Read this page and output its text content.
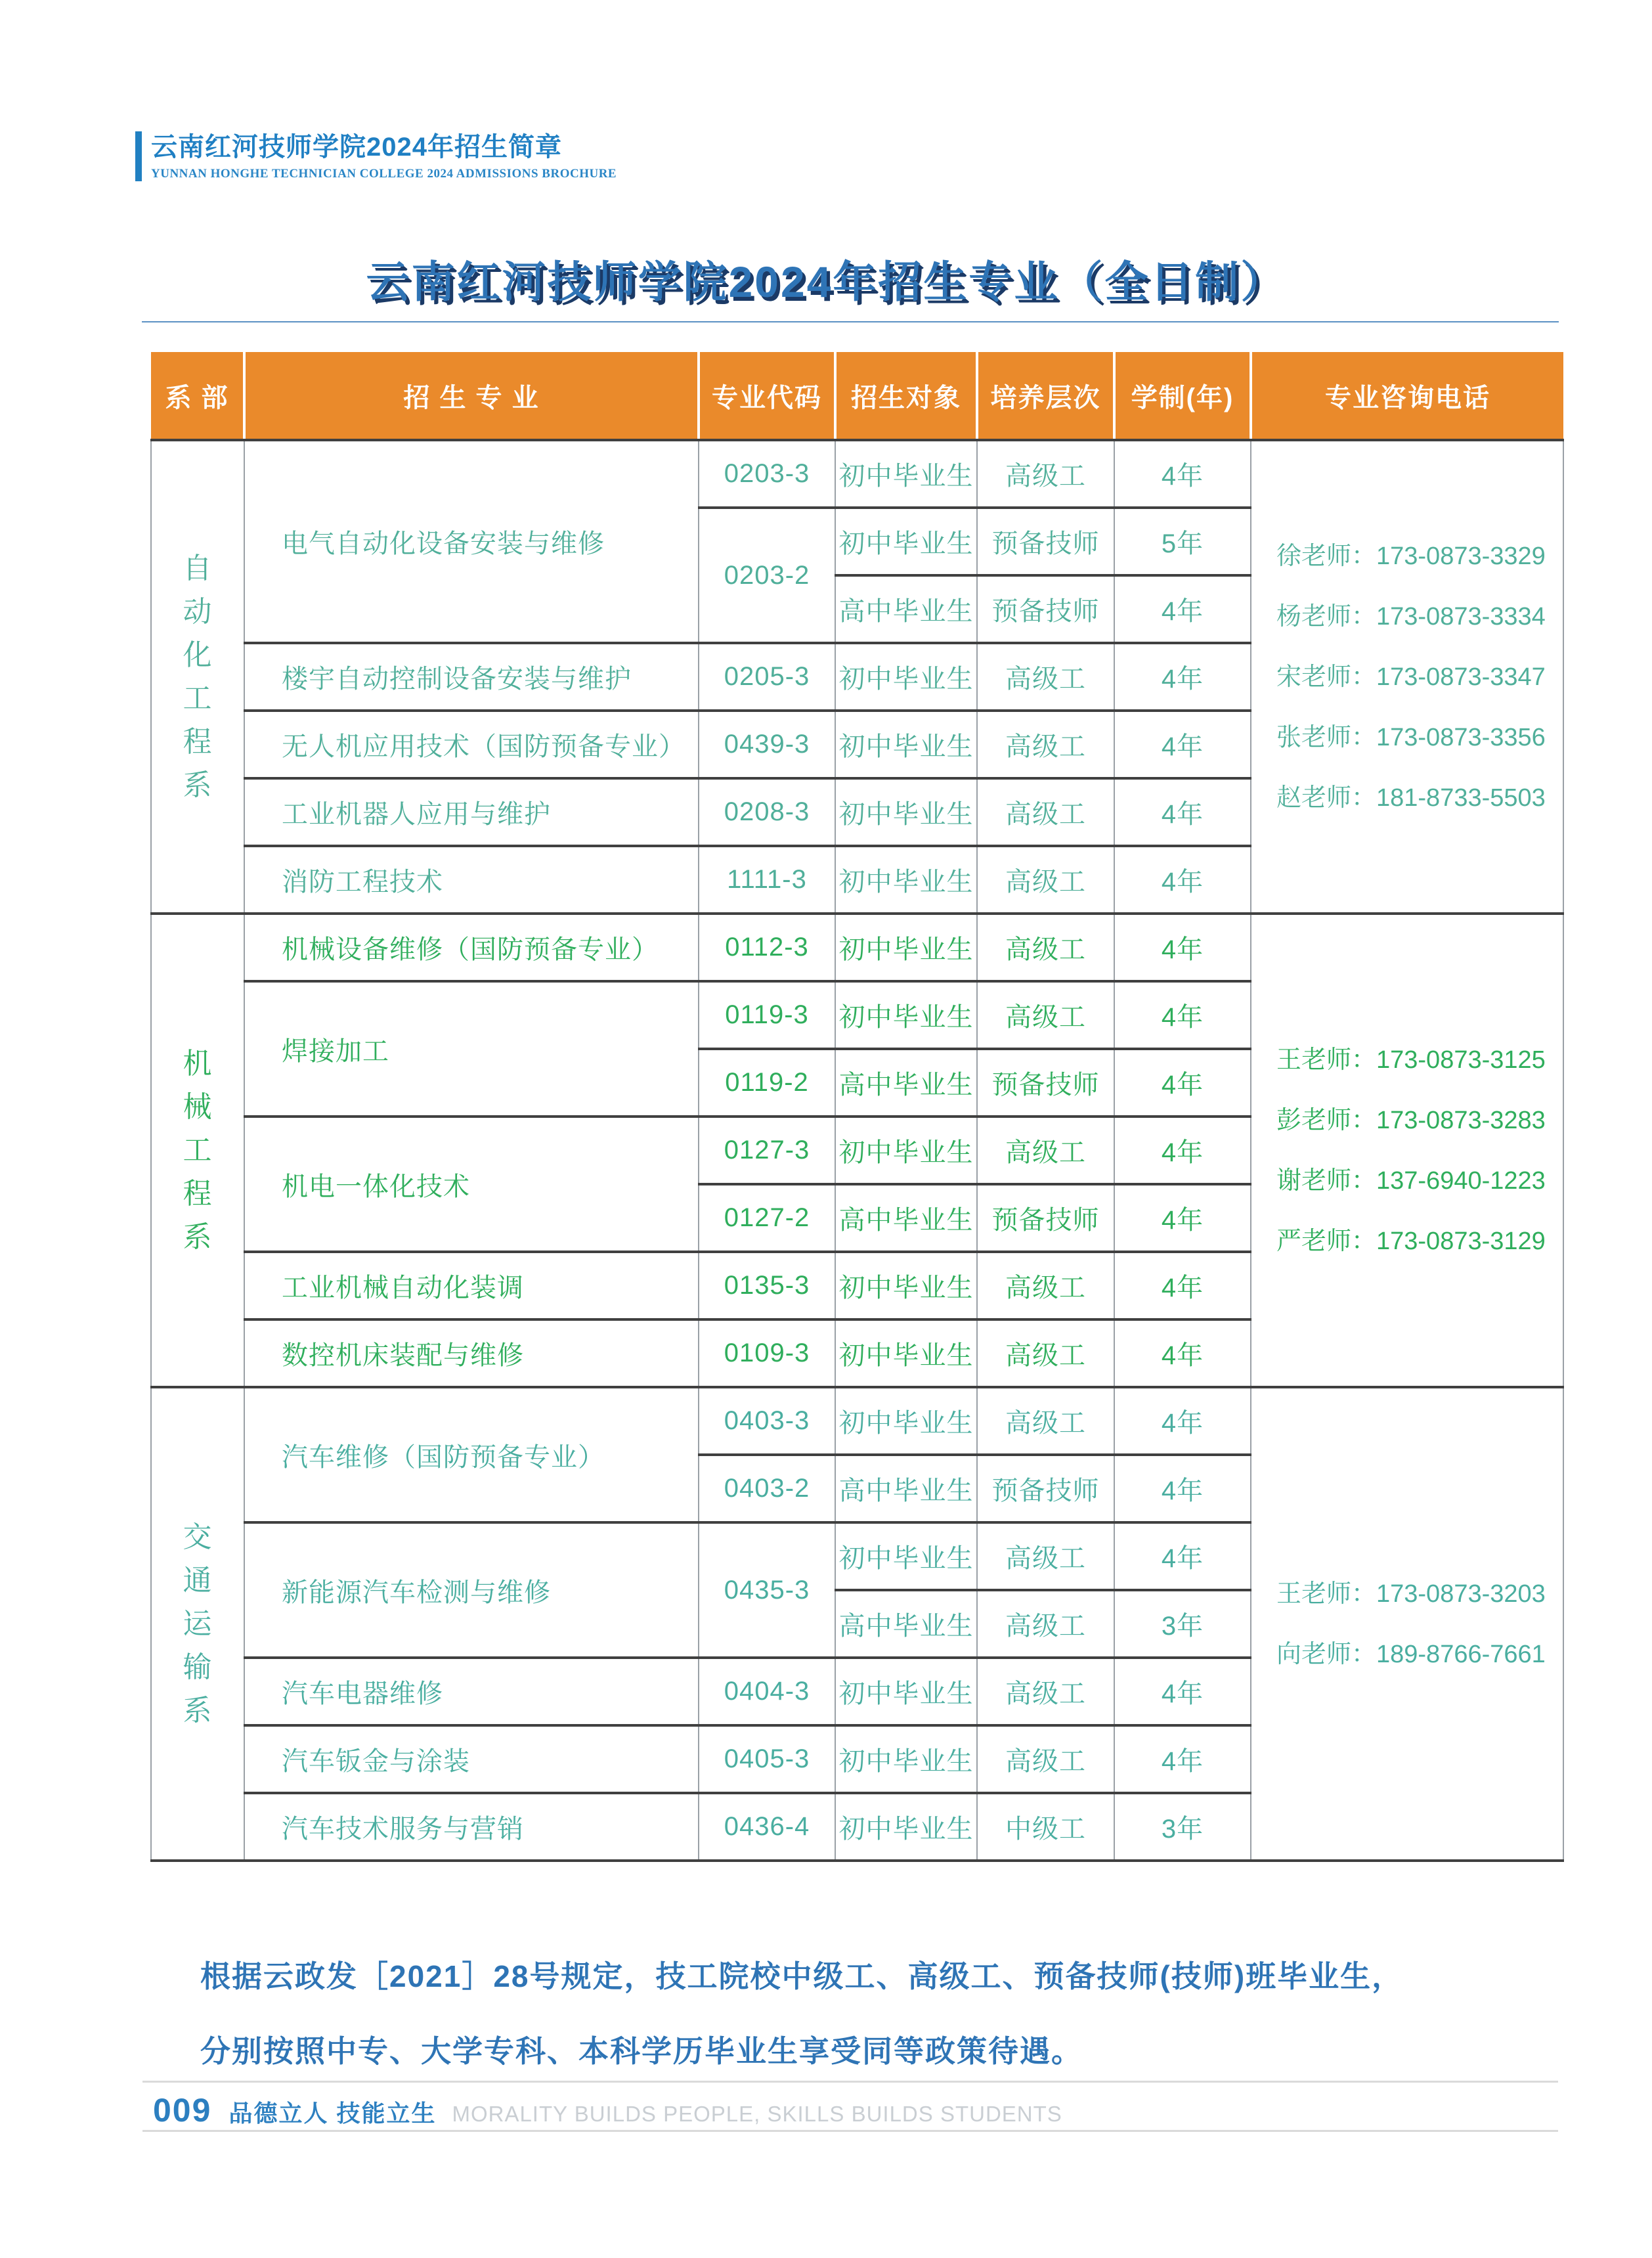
云南红河技师学院2024年招生简章
YUNNAN HONGHE TECHNICIAN COLLEGE 2024 ADMISSIONS BROCHURE
云南红河技师学院2024年招生专业（全日制）
系 部	招 生 专 业	专业代码	招生对象	培养层次	学制(年)	专业咨询电话

自动化工程系	电气自动化设备安装与维修	0203-3	初中毕业生	高级工	4年	徐老师：173-0873-3329
杨老师：173-0873-3334
宋老师：173-0873-3347
张老师：173-0873-3356
赵老师：181-8733-5503

		0203-2	初中毕业生	预备技师	5年	
			高中毕业生	预备技师	4年	
	楼宇自动控制设备安装与维护	0205-3	初中毕业生	高级工	4年	
	无人机应用技术（国防预备专业）	0439-3	初中毕业生	高级工	4年	
	工业机器人应用与维护	0208-3	初中毕业生	高级工	4年	
	消防工程技术	1111-3	初中毕业生	高级工	4年	

机械工程系	机械设备维修（国防预备专业）	0112-3	初中毕业生	高级工	4年	王老师：173-0873-3125
彭老师：173-0873-3283
谢老师：137-6940-1223
严老师：173-0873-3129

	焊接加工	0119-3	初中毕业生	高级工	4年	
		0119-2	高中毕业生	预备技师	4年	
	机电一体化技术	0127-3	初中毕业生	高级工	4年	
		0127-2	高中毕业生	预备技师	4年	
	工业机械自动化装调	0135-3	初中毕业生	高级工	4年	
	数控机床装配与维修	0109-3	初中毕业生	高级工	4年	

交通运输系	汽车维修（国防预备专业）	0403-3	初中毕业生	高级工	4年	王老师：173-0873-3203
向老师：189-8766-7661

		0403-2	高中毕业生	预备技师	4年	
	新能源汽车检测与维修	0435-3	初中毕业生	高级工	4年	
			高中毕业生	高级工	3年	
	汽车电器维修	0404-3	初中毕业生	高级工	4年	
	汽车钣金与涂装	0405-3	初中毕业生	高级工	4年	
	汽车技术服务与营销	0436-4	初中毕业生	中级工	3年	
根据云政发［2021］28号规定，技工院校中级工、高级工、预备技师(技师)班毕业生，
分别按照中专、大学专科、本科学历毕业生享受同等政策待遇。
009 品德立人 技能立生 MORALITY BUILDS PEOPLE, SKILLS BUILDS STUDENTS
